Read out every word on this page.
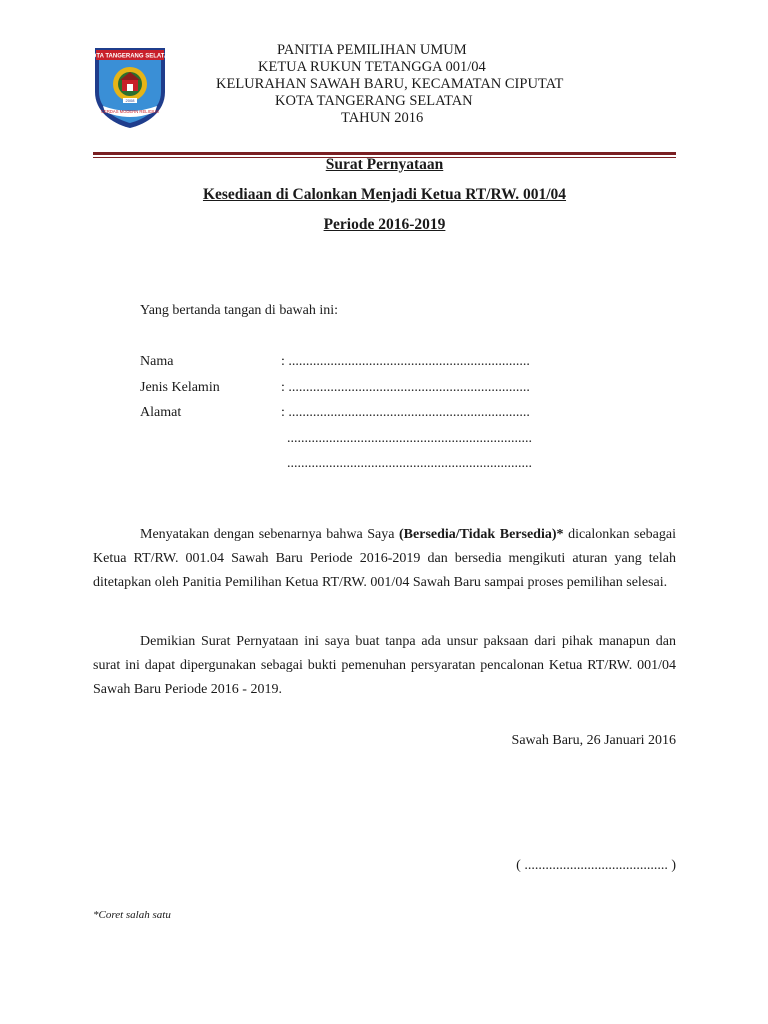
KOTA TANGERANG SELATAN
CERDAS MODERN RELIGIUS
2008
PANITIA PEMILIHAN UMUM
KETUA RUKUN TETANGGA 001/04
KELURAHAN SAWAH BARU, KECAMATAN CIPUTAT
KOTA TANGERANG SELATAN
TAHUN 2016
Surat Pernyataan
Kesediaan di Calonkan Menjadi Ketua RT/RW. 001/04
Periode 2016-2019
Yang bertanda tangan di bawah ini:
Nama	: .....................................................................
Jenis Kelamin	: .....................................................................
Alamat	: .....................................................................
......................................................................
......................................................................
Menyatakan dengan sebenarnya bahwa Saya (Bersedia/Tidak Bersedia)* dicalonkan sebagai Ketua RT/RW. 001.04 Sawah Baru Periode 2016-2019 dan bersedia mengikuti aturan yang telah ditetapkan oleh Panitia Pemilihan Ketua RT/RW. 001/04 Sawah Baru sampai proses pemilihan selesai.
Demikian Surat Pernyataan ini saya buat tanpa ada unsur paksaan dari pihak manapun dan surat ini dapat dipergunakan sebagai bukti pemenuhan persyaratan pencalonan Ketua RT/RW. 001/04 Sawah Baru Periode 2016 - 2019.
Sawah Baru, 26 Januari 2016
( ......................................... )
*Coret salah satu
